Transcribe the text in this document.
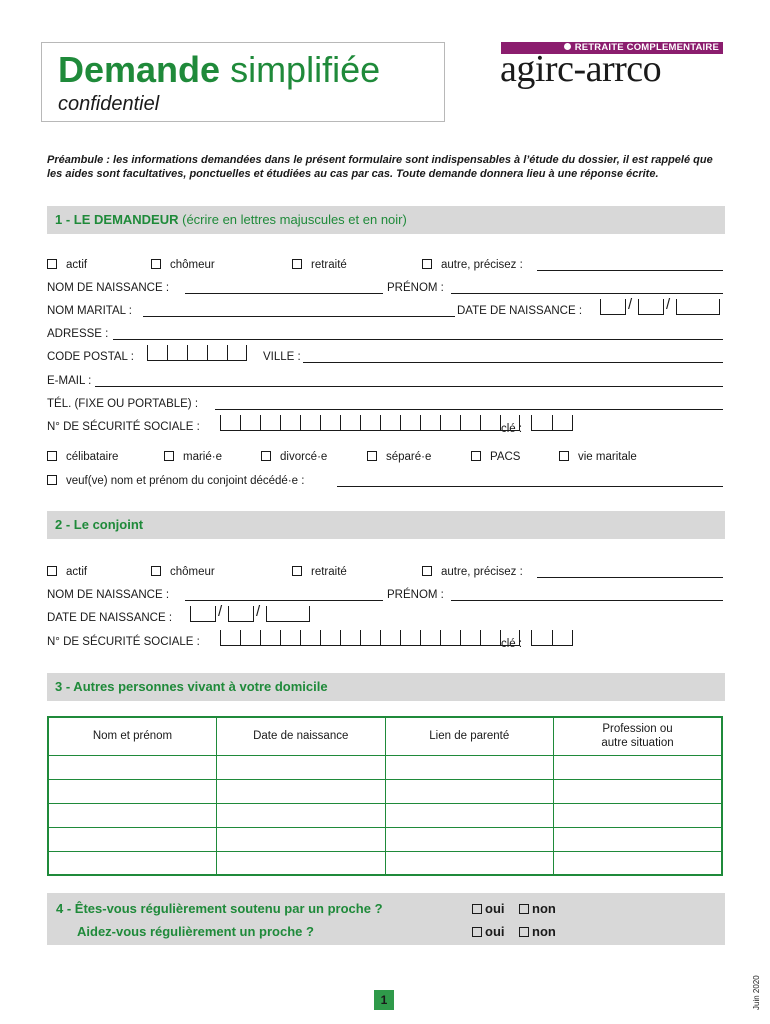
Demande simplifiée
confidentiel
RETRAITE COMPLEMENTAIRE
agirc-arrco
Préambule : les informations demandées dans le présent formulaire sont indispensables à l’étude du dossier, il est rappelé que les aides sont facultatives, ponctuelles et étudiées au cas par cas. Toute demande donnera lieu à une réponse écrite.
1 - LE DEMANDEUR (écrire en lettres majuscules et en noir)
actif	chômeur	retraité	autre, précisez :
NOM DE NAISSANCE :	PRÉNOM :
NOM MARITAL :	DATE DE NAISSANCE :	/ /
ADRESSE :
CODE POSTAL :	VILLE :
E-MAIL :
TÉL. (FIXE OU PORTABLE) :
N° DE SÉCURITÉ SOCIALE :	clé :
célibataire	marié·e	divorcé·e	séparé·e	PACS	vie maritale
veuf(ve) nom et prénom du conjoint décédé·e :
2 - Le conjoint
actif	chômeur	retraité	autre, précisez :
NOM DE NAISSANCE :	PRÉNOM :
DATE DE NAISSANCE :	/ /
N° DE SÉCURITÉ SOCIALE :	clé :
3 - Autres personnes vivant à votre domicile
Nom et prénom	Date de naissance	Lien de parenté	Profession ou
autre situation

4 - Êtes-vous régulièrement soutenu par un proche ?
Aidez-vous régulièrement un proche ?
oui	non
oui	non
1	Juin 2020
